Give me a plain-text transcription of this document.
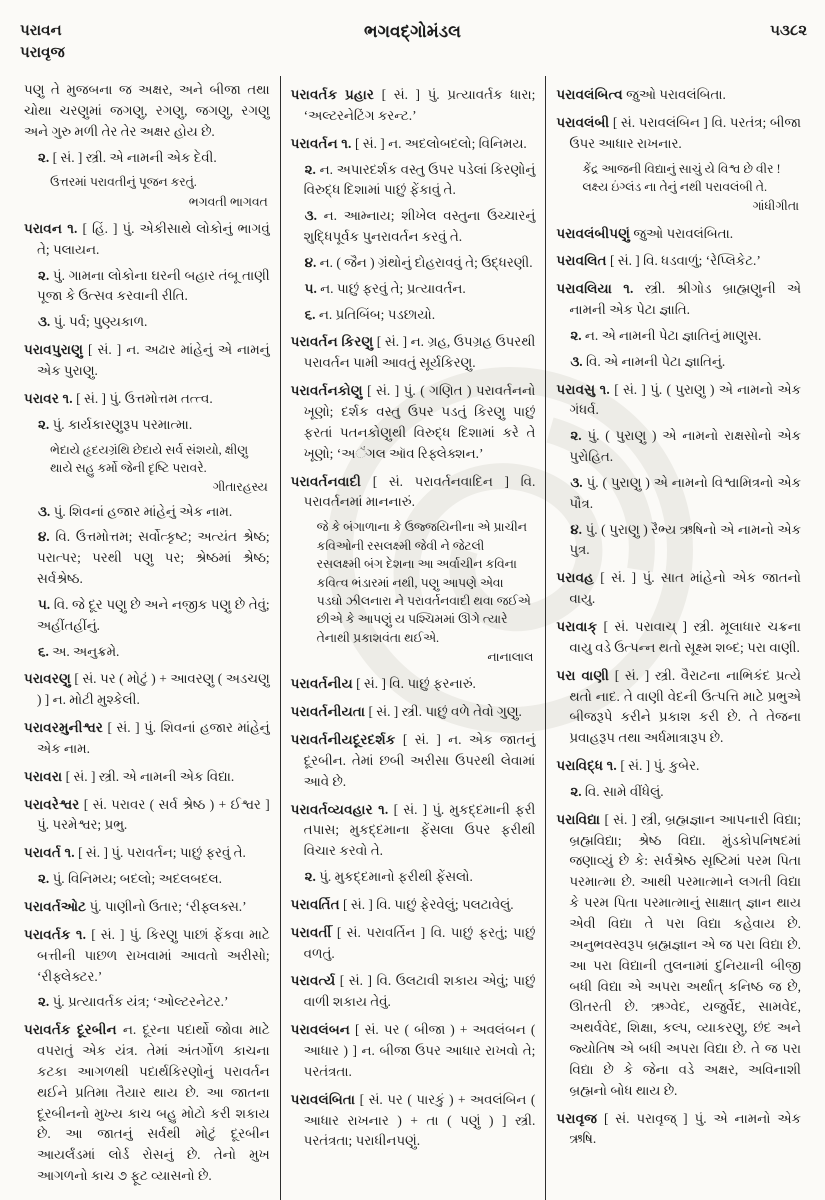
પરાવન
પરાવૃજ
ભગવદ્ગોમંડલ	૫૩૮૨

પણુ તે મુજબના જ અક્ષર, અને બીજા તથા ચોથા ચરણુમાં જગણુ, રગણુ, જગણુ, રગણુ અને ગુરુ મળી તેર તેર અક્ષર હોય છે.

૨. [ સં. ] સ્ત્રી. એ નામની એક દેવી.

ઉત્તરમાં પરાવતીનું પૂજન કરતું.

ભગવતી ભાગવત

પરાવન ૧. [ હિં. ] પું. એકીસાથે લોકોનું ભાગવું તે; પલાયન.

૨. પું. ગામના લોકોના ઘરની બહાર તંબૂ તાણી પૂજા કે ઉત્સવ કરવાની રીતિ.

૩. પું. પર્વ; પુણ્યકાળ.

પરાવપુરાણુ [ સં. ] ન. અઢાર માંહેનું એ નામનું એક પુરાણુ.

પરાવર ૧. [ સં. ] પું. ઉત્તમોત્તમ તત્ત્વ.

૨. પું. કાર્યકારણુરૂપ પરમાત્મા.

ભેદાયે હૃદયગ્રંથિ છેદાયે સર્વ સંશયો, ક્ષીણુ થાયે સહુ કર્મો જેની દૃષ્ટિ પરાવરે.

ગીતારહસ્ય

૩. પું. શિવનાં હજાર માંહેનું એક નામ.

૪. વિ. ઉત્તમોત્તમ; સર્વોત્કૃષ્ટ; અત્યંત શ્રેષ્ઠ; પરાત્પર; પરથી પણુ પર; શ્રેષ્ઠમાં શ્રેષ્ઠ; સર્વશ્રેષ્ઠ.

૫. વિ. જે દૂર પણુ છે અને નજીક પણુ છે તેવું; અહીંતહીંનું.

૬. અ. અનુક્રમે.

પરાવરણુ [ સં. પર ( મોટું ) + આવરણુ ( અડચણુ ) ] ન. મોટી મુશ્કેલી.

પરાવરમુનીશ્વર [ સં. ] પું. શિવનાં હજાર માંહેનું એક નામ.

પરાવરા [ સં. ] સ્ત્રી. એ નામની એક વિદ્યા.

પરાવરેશ્વર [ સં. પરાવર ( સર્વ શ્રેષ્ઠ ) + ઈશ્વર ] પું. પરમેશ્વર; પ્રભુ.

પરાવર્ત ૧. [ સં. ] પું. પરાવર્તન; પાછું ફરવું તે.

૨. પું. વિનિમય; બદલો; અદલબદલ.

પરાવર્તઓટ પું. પાણીનો ઉતાર; ‘રીફ્લક્સ.’

પરાવર્તક ૧. [ સં. ] પું. કિરણુ પાછાં ફેંકવા માટે બત્તીની પાછળ રાખવામાં આવતો અરીસો; ‘રીફ્લેક્ટર.’

૨. પું. પ્રત્યાવર્તક યંત્ર; ‘ઓલ્ટરનેટર.’

પરાવર્તક દૂરબીન ન. દૂરના પદાર્થો જોવા માટે વપરાતું એક યંત્ર. તેમાં અંતર્ગોળ કાચના કટકા આગળથી પદાર્થકિરણોનું પરાવર્તન થઈને પ્રતિમા તૈયાર થાય છે. આ જાતના દૂરબીનનો મુખ્ય કાચ બહુ મોટો કરી શકાય છે. આ જાતનું સર્વથી મોટું દૂરબીન આયર્લંડમાં લોર્ડ રોસનું છે. તેનો મુખ આગળનો કાચ ૭ ફૂટ વ્યાસનો છે.

પરાવર્તક પ્રહાર [ સં. ] પું. પ્રત્યાવર્તક ધારા; ‘અલ્ટરનેટિંગ કરન્ટ.’

પરાવર્તન ૧. [ સં. ] ન. અદલોબદલો; વિનિમય.

૨. ન. અપારદર્શક વસ્તુ ઉપર પડેલાં કિરણોનું વિરુદ્ધ દિશામાં પાછું ફેંકાવું તે.

૩. ન. આમ્નાય; શીખેલ વસ્તુના ઉચ્ચારનું શુદ્ધિપૂર્વક પુનરાવર્તન કરવું તે.

૪. ન. ( જૈન ) ગ્રંથોનું દોહરાવવું તે; ઉદ્ધરણી.

૫. ન. પાછું ફરવું તે; પ્રત્યાવર્તન.

૬. ન. પ્રતિબિંબ; પડછાયો.

પરાવર્તન કિરણુ [ સં. ] ન. ગ્રહ, ઉપગ્રહ ઉપરથી પરાવર્તન પામી આવતું સૂર્યકિરણુ.

પરાવર્તનકોણુ [ સં. ] પું. ( ગણિત ) પરાવર્તનનો ખૂણો; દર્શક વસ્તુ ઉપર પડતું કિરણુ પાછું ફરતાં પતનકોણુથી વિરુદ્ધ દિશામાં કરે તે ખૂણો; ‘અૅંગલ ઑવ રિફ્લેક્શન.’

પરાવર્તનવાદી [ સં. પરાવર્તનવાદિન ] વિ. પરાવર્તનમાં માનનારું.

જે કે બંગાળાના કે ઉજ્જયિનીના એ પ્રાચીન કવિઓની રસલક્ષ્મી જેવી ને જેટલી રસલક્ષ્મી બંગ દેશના આ અર્વાચીન કવિના કવિત્વ ભંડારમાં નથી, પણુ આપણે એવા પડઘો ઝીલનારા ને પરાવર્તનવાદી થવા જઈએ છીએ કે આપણું ય પશ્ચિમમાં ઊગે ત્યારે તેનાથી પ્રકાશવંતા થઈએ.

નાનાલાલ

પરાવર્તનીય [ સં. ] વિ. પાછું ફરનારું.

પરાવર્તનીયતા [ સં. ] સ્ત્રી. પાછું વળે તેવો ગુણુ.

પરાવર્તનીયદૂરદર્શક [ સં. ] ન. એક જાતનું દૂરબીન. તેમાં છબી અરીસા ઉપરથી લેવામાં આવે છે.

પરાવર્તવ્યવહાર ૧. [ સં. ] પું. મુકદ્દમાની ફરી તપાસ; મુકદ્દમાના ફેંસલા ઉપર ફરીથી વિચાર કરવો તે.

૨. પું. મુકદ્દમાનો ફરીથી ફેંસલો.

પરાવર્તિત [ સં. ] વિ. પાછું ફેરવેલું; પલટાવેલું.

પરાવર્તી [ સં. પરાવર્તિન ] વિ. પાછું ફરતું; પાછું વળતું.

પરાવર્ત્ય [ સં. ] વિ. ઉલટાવી શકાય એવું; પાછું વાળી શકાય તેવું.

પરાવલંબન [ સં. પર ( બીજા ) + અવલંબન ( આધાર ) ] ન. બીજા ઉપર આધાર રાખવો તે; પરતંત્રતા.

પરાવલંબિતા [ સં. પર ( પારકું ) + અવલંબિન ( આધાર રાખનાર ) + તા ( પણું ) ] સ્ત્રી. પરતંત્રતા; પરાધીનપણું.

પરાવલંબિત્વ જુઓ પરાવલંબિતા.

પરાવલંબી [ સં. પરાવલંબિન ] વિ. પરતંત્ર; બીજા ઉપર આધાર રાખનાર.

કેંદ્ર આજની વિદ્યાનું સાચું યે વિશ્વ છે વીર ! લક્ષ્ય ઇંગ્લંડ ના તેનું નથી પરાવલંબી તે.

ગાંધીગીતા

પરાવલંબીપણું જુઓ પરાવલંબિતા.

પરાવલિત [ સં. ] વિ. ધડવાળું; ‘રેપ્લિકેટ.’

પરાવલિયા ૧. સ્ત્રી. શ્રીગોડ બ્રાહ્મણુની એ નામની એક પેટા જ્ઞાતિ.

૨. ન. એ નામની પેટા જ્ઞાતિનું માણુસ.

૩. વિ. એ નામની પેટા જ્ઞાતિનું.

પરાવસુ ૧. [ સં. ] પું. ( પુરાણુ ) એ નામનો એક ગંધર્વ.

૨. પું. ( પુરાણુ ) એ નામનો રાક્ષસોનો એક પુરોહિત.

૩. પું. ( પુરાણુ ) એ નામનો વિશ્વામિત્રનો એક પૌત્ર.

૪. પું. ( પુરાણુ ) રૈભ્ય ઋષિનો એ નામનો એક પુત્ર.

પરાવહ [ સં. ] પું. સાત માંહેનો એક જાતનો વાયુ.

પરાવાક્ [ સં. પરાવાચ્ ] સ્ત્રી. મૂલાધાર ચક્રના વાયુ વડે ઉત્પન્ન થતો સૂક્ષ્મ શબ્દ; પરા વાણી.

પરા વાણી [ સં. ] સ્ત્રી. વૈરાટના નાભિકંદ પ્રત્યે થતો નાદ. તે વાણી વેદની ઉત્પત્તિ માટે પ્રભુએ બીજરૂપે કરીને પ્રકાશ કરી છે. તે તેજના પ્રવાહરૂપ તથા અર્ધમાત્રારૂપ છે.

પરાવિદ્ધ ૧. [ સં. ] પું. કુબેર.

૨. વિ. સામે વીંધેલું.

પરાવિદ્યા [ સં. ] સ્ત્રી, બ્રહ્મજ્ઞાન આપનારી વિદ્યા; બ્રહ્મવિદ્યા; શ્રેષ્ઠ વિદ્યા. મુંડકોપનિષદમાં જણાવ્યું છે કે: સર્વશ્રેષ્ઠ સૃષ્ટિમાં પરમ પિતા પરમાત્મા છે. આથી પરમાત્માને લગતી વિદ્યા કે પરમ પિતા પરમાત્માનું સાક્ષાત્ જ્ઞાન થાય એવી વિદ્યા તે પરા વિદ્યા કહેવાય છે. અનુભવસ્વરૂપ બ્રહ્મજ્ઞાન એ જ પરા વિદ્યા છે. આ પરા વિદ્યાની તુલનામાં દુનિયાની બીજી બધી વિદ્યા એ અપરા અર્થાત્ કનિષ્ઠ જ છે, ઊતરતી છે. ઋગ્વેદ, યજુર્વેદ, સામવેદ, અથર્વવેદ, શિક્ષા, કલ્પ, વ્યાકરણુ, છંદ અને જ્યોતિષ એ બધી અપરા વિદ્યા છે. તે જ પરા વિદ્યા છે કે જેના વડે અક્ષર, અવિનાશી બ્રહ્મનો બોધ થાય છે.

પરાવૃજ [ સં. પરાવૃજ્ ] પું. એ નામનો એક ઋષિ.
